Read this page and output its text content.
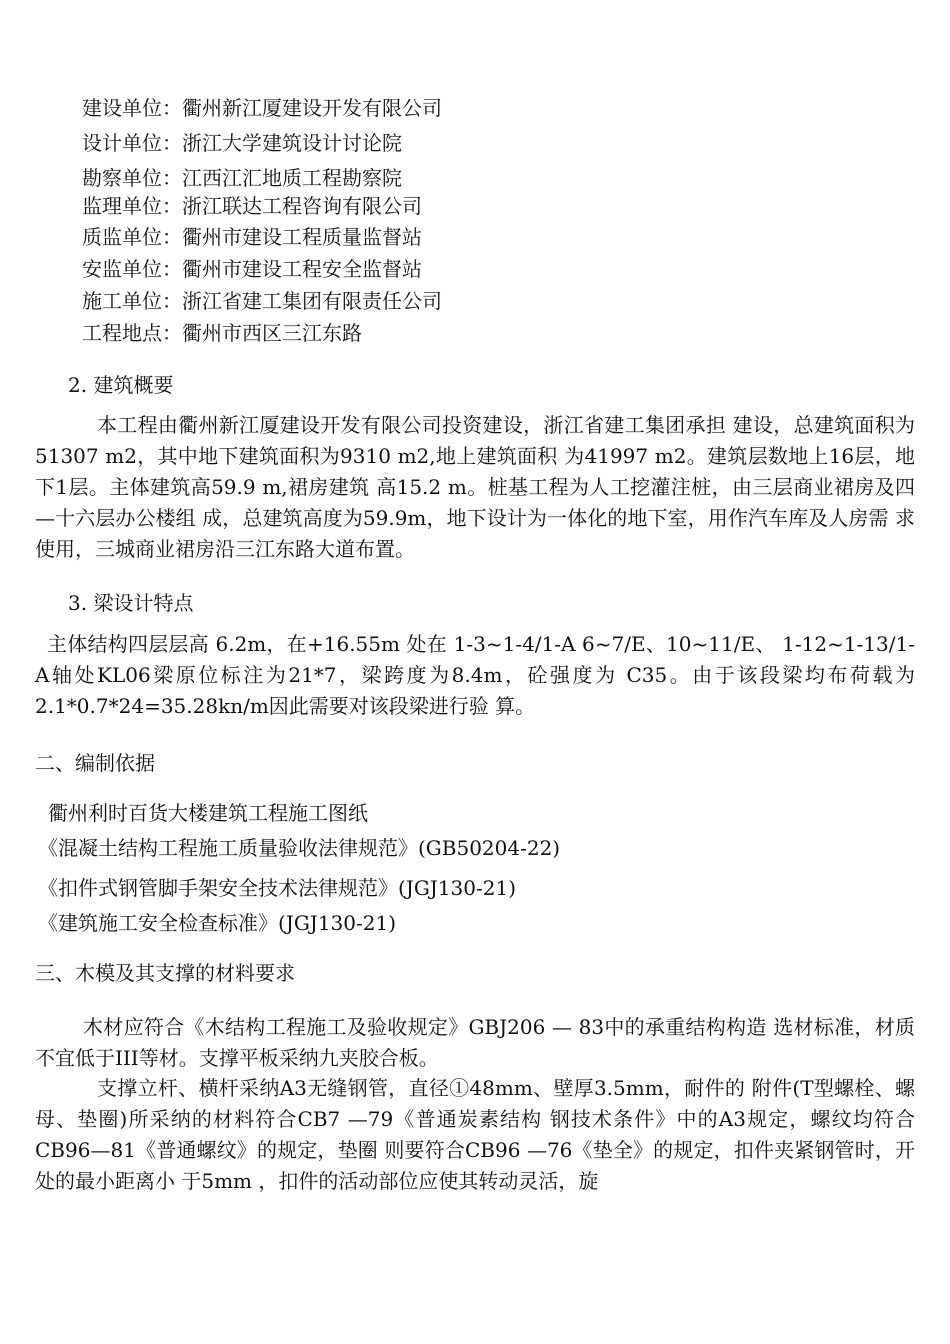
建设单位：衢州新江厦建设开发有限公司
设计单位：浙江大学建筑设计讨论院
勘察单位：江西江汇地质工程勘察院
监理单位：浙江联达工程咨询有限公司
质监单位：衢州市建设工程质量监督站
安监单位：衢州市建设工程安全监督站
施工单位：浙江省建工集团有限责任公司
工程地点：衢州市西区三江东路
2. 建筑概要
本工程由衢州新江厦建设开发有限公司投资建设，浙江省建工集团承担 建设，总建筑面积为51307 m2，其中地下建筑面积为9310 m2,地上建筑面积 为41997 m2。建筑层数地上16层，地下1层。主体建筑高59.9 m,裙房建筑 高15.2 m。桩基工程为人工挖灌注桩，由三层商业裙房及四—十六层办公楼组 成，总建筑高度为59.9m，地下设计为一体化的地下室，用作汽车库及人房需 求使用，三城商业裙房沿三江东路大道布置。
3. 梁设计特点
主体结构四层层高 6.2m，在+16.55m 处在 1-3~1-4/1-A 6~7/E、10~11/E、 1-12~1-13/1-A轴处KL06梁原位标注为21*7，梁跨度为8.4m，砼强度为 C35。由于该段梁均布荷载为2.1*0.7*24=35.28kn/m因此需要对该段梁进行验 算。
二、编制依据
衢州利时百货大楼建筑工程施工图纸
《混凝土结构工程施工质量验收法律规范》(GB50204-22)
《扣件式钢管脚手架安全技术法律规范》(JGJ130-21)
《建筑施工安全检查标准》(JGJ130-21)
三、木模及其支撑的材料要求
木材应符合《木结构工程施工及验收规定》GBJ206 — 83中的承重结构构造 选材标准，材质不宜低于III等材。支撑平板采纳九夹胶合板。
支撑立杆、横杆采纳A3无缝钢管，直径①48mm、壁厚3.5mm，耐件的 附件(T型螺栓、螺母、垫圈)所采纳的材料符合CB7 —79《普通炭素结构 钢技术条件》中的A3规定，螺纹均符合CB96—81《普通螺纹》的规定，垫圈 则要符合CB96 —76《垫全》的规定，扣件夹紧钢管时，开处的最小距离小 于5mm ，扣件的活动部位应使其转动灵活，旋
